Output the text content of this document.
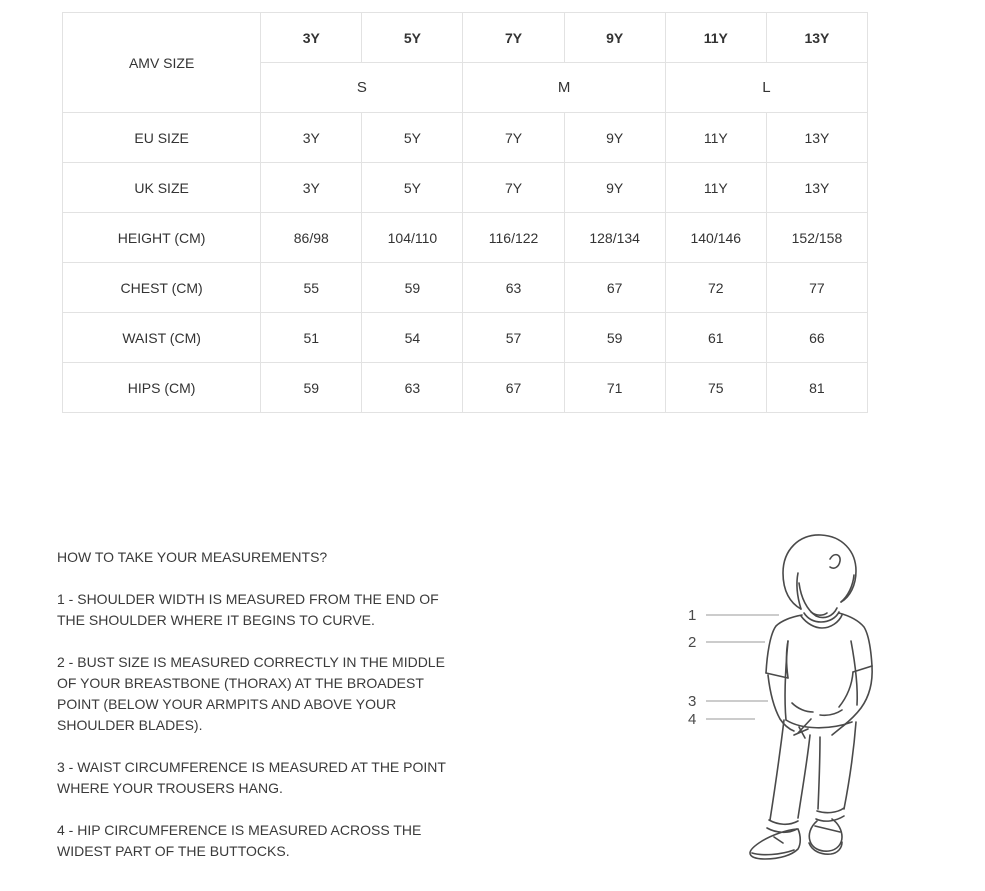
AMV SIZE	3Y	5Y	7Y	9Y	11Y	13Y
	S		M		L	
EU SIZE	3Y	5Y	7Y	9Y	11Y	13Y
UK SIZE	3Y	5Y	7Y	9Y	11Y	13Y
HEIGHT (CM)	86/98	104/110	116/122	128/134	140/146	152/158
CHEST (CM)	55	59	63	67	72	77
WAIST (CM)	51	54	57	59	61	66
HIPS (CM)	59	63	67	71	75	81
HOW TO TAKE YOUR MEASUREMENTS?
1 - SHOULDER WIDTH IS MEASURED FROM THE END OF
THE SHOULDER WHERE IT BEGINS TO CURVE.
2 - BUST SIZE IS MEASURED CORRECTLY IN THE MIDDLE
OF YOUR BREASTBONE (THORAX) AT THE BROADEST
POINT (BELOW YOUR ARMPITS AND ABOVE YOUR
SHOULDER BLADES).
3 - WAIST CIRCUMFERENCE IS MEASURED AT THE POINT
WHERE YOUR TROUSERS HANG.
4 - HIP CIRCUMFERENCE IS MEASURED ACROSS THE
WIDEST PART OF THE BUTTOCKS.
1
2
3
4
